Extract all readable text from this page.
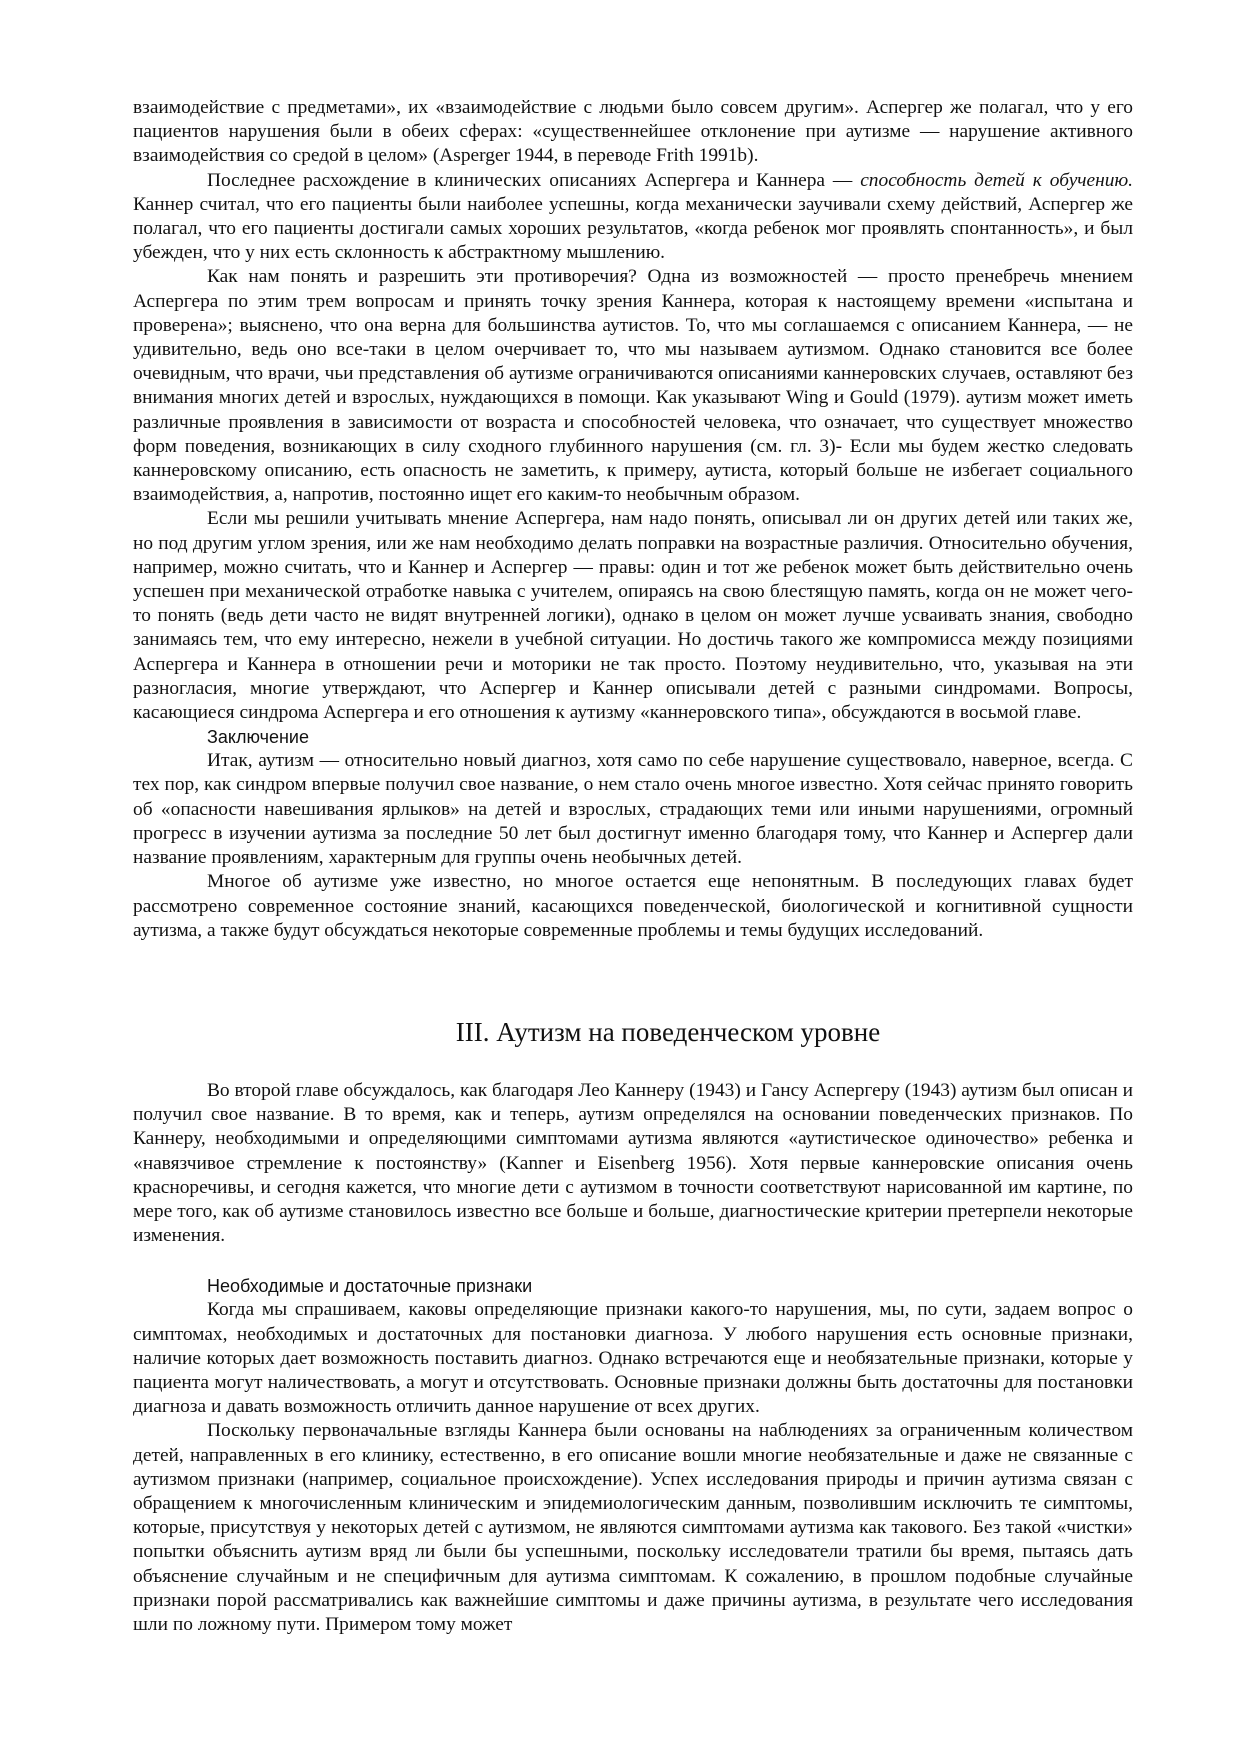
взаимодействие с предметами», их «взаимодействие с людьми было совсем другим». Аспергер же полагал, что у его пациентов нарушения были в обеих сферах: «существеннейшее отклонение при аутизме — нарушение активного взаимодействия со средой в целом» (Asperger 1944, в переводе Frith 1991b).

Последнее расхождение в клинических описаниях Аспергера и Каннера — способность детей к обучению. Каннер считал, что его пациенты были наиболее успешны, когда механически заучивали схему действий, Аспергер же полагал, что его пациенты достигали самых хороших результатов, «когда ребенок мог проявлять спонтанность», и был убежден, что у них есть склонность к абстрактному мышлению.

Как нам понять и разрешить эти противоречия? Одна из возможностей — просто пренебречь мнением Аспергера по этим трем вопросам и принять точку зрения Каннера, которая к настоящему времени «испытана и проверена»; выяснено, что она верна для большинства аутистов. То, что мы соглашаемся с описанием Каннера, — не удивительно, ведь оно все-таки в целом очерчивает то, что мы называем аутизмом. Однако становится все более очевидным, что врачи, чьи представления об аутизме ограничиваются описаниями каннеровских случаев, оставляют без внимания многих детей и взрослых, нуждающихся в помощи. Как указывают Wing и Gould (1979). аутизм может иметь различные проявления в зависимости от возраста и способностей человека, что означает, что существует множество форм поведения, возникающих в силу сходного глубинного нарушения (см. гл. 3)- Если мы будем жестко следовать каннеровскому описанию, есть опасность не заметить, к примеру, аутиста, который больше не избегает социального взаимодействия, а, напротив, постоянно ищет его каким-то необычным образом.

Если мы решили учитывать мнение Аспергера, нам надо понять, описывал ли он других детей или таких же, но под другим углом зрения, или же нам необходимо делать поправки на возрастные различия. Относительно обучения, например, можно считать, что и Каннер и Аспергер — правы: один и тот же ребенок может быть действительно очень успешен при механической отработке навыка с учителем, опираясь на свою блестящую память, когда он не может чего-то понять (ведь дети часто не видят внутренней логики), однако в целом он может лучше усваивать знания, свободно занимаясь тем, что ему интересно, нежели в учебной ситуации. Но достичь такого же компромисса между позициями Аспергера и Каннера в отношении речи и моторики не так просто. Поэтому неудивительно, что, указывая на эти разногласия, многие утверждают, что Аспергер и Каннер описывали детей с разными синдромами. Вопросы, касающиеся синдрома Аспергера и его отношения к аутизму «каннеровского типа», обсуждаются в восьмой главе.

Заключение

Итак, аутизм — относительно новый диагноз, хотя само по себе нарушение существовало, наверное, всегда. С тех пор, как синдром впервые получил свое название, о нем стало очень многое известно. Хотя сейчас принято говорить об «опасности навешивания ярлыков» на детей и взрослых, страдающих теми или иными нарушениями, огромный прогресс в изучении аутизма за последние 50 лет был достигнут именно благодаря тому, что Каннер и Аспергер дали название проявлениям, характерным для группы очень необычных детей.

Многое об аутизме уже известно, но многое остается еще непонятным. В последующих главах будет рассмотрено современное состояние знаний, касающихся поведенческой, биологической и когнитивной сущности аутизма, а также будут обсуждаться некоторые современные проблемы и темы будущих исследований.

III. Аутизм на поведенческом уровне

Во второй главе обсуждалось, как благодаря Лео Каннеру (1943) и Гансу Аспергеру (1943) аутизм был описан и получил свое название. В то время, как и теперь, аутизм определялся на основании поведенческих признаков. По Каннеру, необходимыми и определяющими симптомами аутизма являются «аутистическое одиночество» ребенка и «навязчивое стремление к постоянству» (Kanner и Eisenberg 1956). Хотя первые каннеровские описания очень красноречивы, и сегодня кажется, что многие дети с аутизмом в точности соответствуют нарисованной им картине, по мере того, как об аутизме становилось известно все больше и больше, диагностические критерии претерпели некоторые изменения.

Необходимые и достаточные признаки

Когда мы спрашиваем, каковы определяющие признаки какого-то нарушения, мы, по сути, задаем вопрос о симптомах, необходимых и достаточных для постановки диагноза. У любого нарушения есть основные признаки, наличие которых дает возможность поставить диагноз. Однако встречаются еще и необязательные признаки, которые у пациента могут наличествовать, а могут и отсутствовать. Основные признаки должны быть достаточны для постановки диагноза и давать возможность отличить данное нарушение от всех других.

Поскольку первоначальные взгляды Каннера были основаны на наблюдениях за ограниченным количеством детей, направленных в его клинику, естественно, в его описание вошли многие необязательные и даже не связанные с аутизмом признаки (например, социальное происхождение). Успех исследования природы и причин аутизма связан с обращением к многочисленным клиническим и эпидемиологическим данным, позволившим исключить те симптомы, которые, присутствуя у некоторых детей с аутизмом, не являются симптомами аутизма как такового. Без такой «чистки» попытки объяснить аутизм вряд ли были бы успешными, поскольку исследователи тратили бы время, пытаясь дать объяснение случайным и не специфичным для аутизма симптомам. К сожалению, в прошлом подобные случайные признаки порой рассматривались как важнейшие симптомы и даже причины аутизма, в результате чего исследования шли по ложному пути. Примером тому может
